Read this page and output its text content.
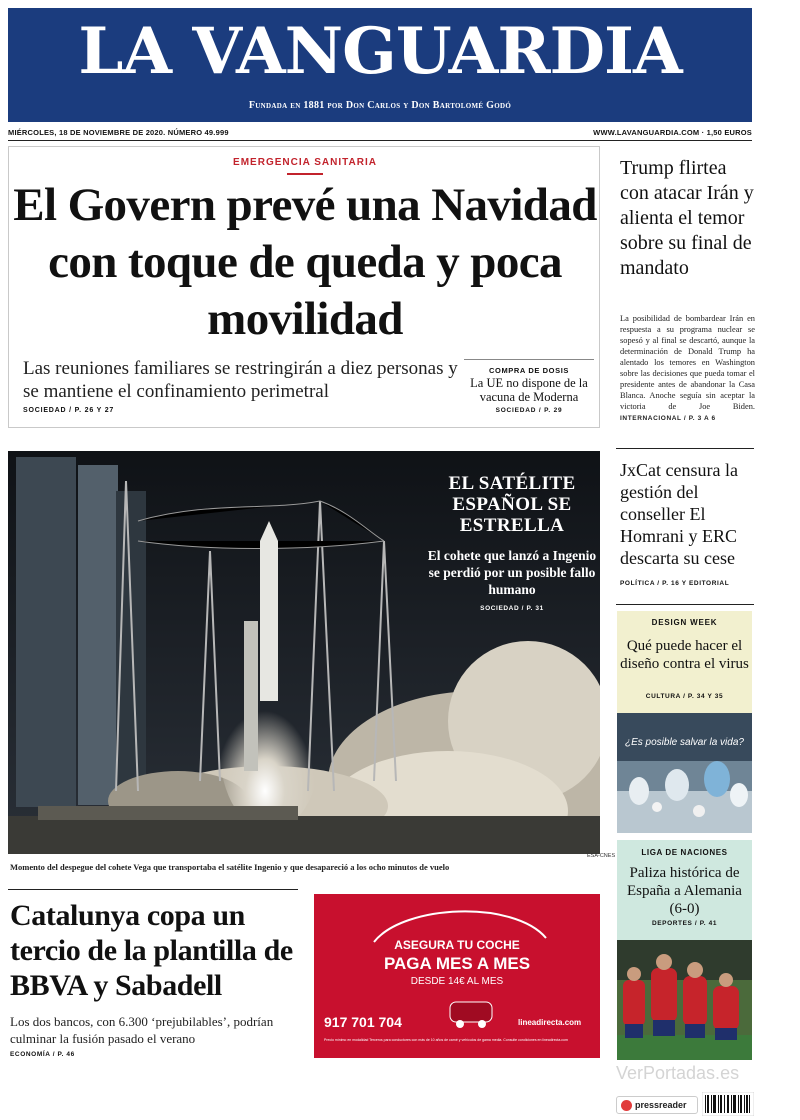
LA VANGUARDIA
Fundada en 1881 por Don Carlos y Don Bartolomé Godó
MIÉRCOLES, 18 DE NOVIEMBRE DE 2020. NÚMERO 49.999	WWW.LAVANGUARDIA.COM · 1,50 EUROS
EMERGENCIA SANITARIA
El Govern prevé una Navidad con toque de queda y poca movilidad
Las reuniones familiares se restringirán a diez personas y se mantiene el confinamiento perimetral
SOCIEDAD / P. 26 Y 27
COMPRA DE DOSIS
La UE no dispone de la vacuna de Moderna
SOCIEDAD / P. 29
Trump flirtea con atacar Irán y alienta el temor sobre su final de mandato
La posibilidad de bombardear Irán en respuesta a su programa nuclear se sopesó y al final se descartó, aunque la determinación de Donald Trump ha alentado los temores en Washington sobre las decisiones que pueda tomar el presidente antes de abandonar la Casa Blanca. Anoche seguía sin aceptar la victoria de Joe Biden. INTERNACIONAL / P. 3 A 6
JxCat censura la gestión del conseller El Homrani y ERC descarta su cese
POLÍTICA / P. 16 Y EDITORIAL
DESIGN WEEK
Qué puede hacer el diseño contra el virus
CULTURA / P. 34 Y 35
¿Es posible salvar la vida?
LIGA DE NACIONES
Paliza histórica de España a Alemania (6-0)
DEPORTES / P. 41
EL SATÉLITE ESPAÑOL SE ESTRELLA
El cohete que lanzó a Ingenio se perdió por un posible fallo humano
SOCIEDAD / P. 31
ESA-CNES
Momento del despegue del cohete Vega que transportaba el satélite Ingenio y que desapareció a los ocho minutos de vuelo
Catalunya copa un tercio de la plantilla de BBVA y Sabadell
Los dos bancos, con 6.300 ‘prejubilables’, podrían culminar la fusión pasado el verano
ECONOMÍA / P. 46
ASEGURA TU COCHE
PAGA MES A MES
DESDE 14€ AL MES
917 701 704	lineadirecta.com
Precio mínimo en modalidad Terceros para conductores con más de 10 años de carné y vehículos de gama media. Consulte condiciones en lineadirecta.com
VerPortadas.es
pressreader
